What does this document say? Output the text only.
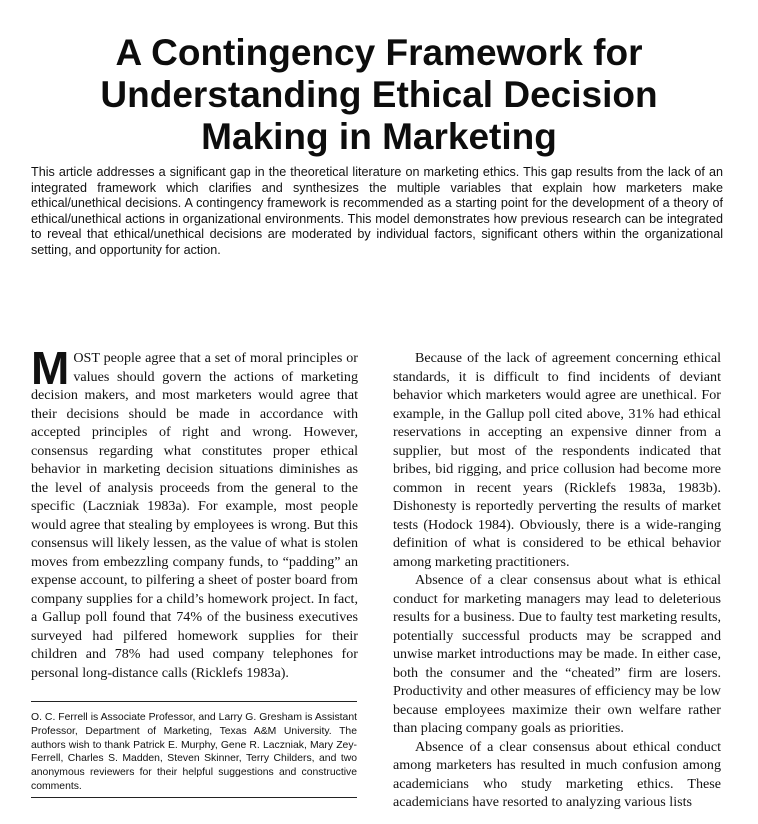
A Contingency Framework for
Understanding Ethical Decision
Making in Marketing

This article addresses a significant gap in the theoretical literature on marketing ethics. This gap results from the lack of an integrated framework which clarifies and synthesizes the multiple variables that explain how marketers make ethical/unethical decisions. A contingency framework is recommended as a starting point for the development of a theory of ethical/unethical actions in organizational environments. This model demonstrates how previous research can be integrated to reveal that ethical/unethical decisions are moderated by individual factors, significant others within the organizational setting, and opportunity for action.

MOST people agree that a set of moral principles or values should govern the actions of marketing decision makers, and most marketers would agree that their decisions should be made in accordance with accepted principles of right and wrong. However, consensus regarding what constitutes proper ethical behavior in marketing decision situations diminishes as the level of analysis proceeds from the general to the specific (Laczniak 1983a). For example, most people would agree that stealing by employees is wrong. But this consensus will likely lessen, as the value of what is stolen moves from embezzling company funds, to “padding” an expense account, to pilfering a sheet of poster board from company supplies for a child’s homework project. In fact, a Gallup poll found that 74% of the business executives surveyed had pilfered homework supplies for their children and 78% had used company telephones for personal long-distance calls (Ricklefs 1983a).

O. C. Ferrell is Associate Professor, and Larry G. Gresham is Assistant Professor, Department of Marketing, Texas A&M University. The authors wish to thank Patrick E. Murphy, Gene R. Laczniak, Mary Zey-Ferrell, Charles S. Madden, Steven Skinner, Terry Childers, and two anonymous reviewers for their helpful suggestions and constructive comments.

Because of the lack of agreement concerning ethical standards, it is difficult to find incidents of deviant behavior which marketers would agree are unethical. For example, in the Gallup poll cited above, 31% had ethical reservations in accepting an expensive dinner from a supplier, but most of the respondents indicated that bribes, bid rigging, and price collusion had become more common in recent years (Ricklefs 1983a, 1983b). Dishonesty is reportedly perverting the results of market tests (Hodock 1984). Obviously, there is a wide-ranging definition of what is considered to be ethical behavior among marketing practitioners.

Absence of a clear consensus about what is ethical conduct for marketing managers may lead to deleterious results for a business. Due to faulty test marketing results, potentially successful products may be scrapped and unwise market introductions may be made. In either case, both the consumer and the “cheated” firm are losers. Productivity and other measures of efficiency may be low because employees maximize their own welfare rather than placing company goals as priorities.

Absence of a clear consensus about ethical conduct among marketers has resulted in much confusion among academicians who study marketing ethics. These academicians have resorted to analyzing various lists
